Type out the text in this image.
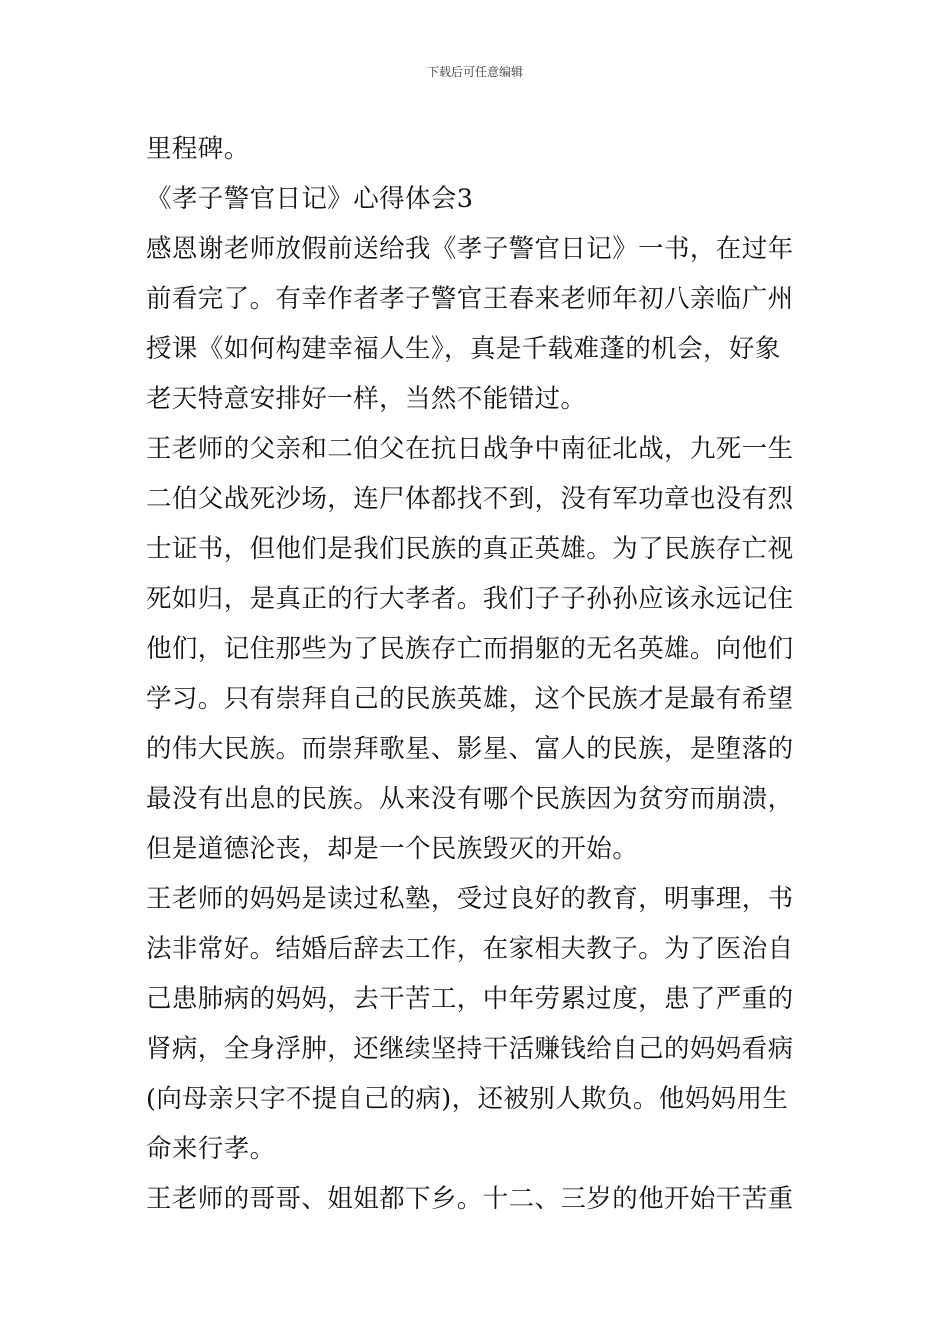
下载后可任意编辑
里程碑。
《孝子警官日记》心得体会3
感恩谢老师放假前送给我《孝子警官日记》一书，在过年
前看完了。有幸作者孝子警官王春来老师年初八亲临广州
授课《如何构建幸福人生》，真是千载难蓬的机会，好象
老天特意安排好一样，当然不能错过。
王老师的父亲和二伯父在抗日战争中南征北战，九死一生
二伯父战死沙场，连尸体都找不到，没有军功章也没有烈
士证书，但他们是我们民族的真正英雄。为了民族存亡视
死如归，是真正的行大孝者。我们子子孙孙应该永远记住
他们，记住那些为了民族存亡而捐躯的无名英雄。向他们
学习。只有崇拜自己的民族英雄，这个民族才是最有希望
的伟大民族。而崇拜歌星、影星、富人的民族，是堕落的
最没有出息的民族。从来没有哪个民族因为贫穷而崩溃，
但是道德沦丧，却是一个民族毁灭的开始。
王老师的妈妈是读过私塾，受过良好的教育，明事理，书
法非常好。结婚后辞去工作，在家相夫教子。为了医治自
己患肺病的妈妈，去干苦工，中年劳累过度，患了严重的
肾病，全身浮肿，还继续坚持干活赚钱给自己的妈妈看病
(向母亲只字不提自己的病)，还被别人欺负。他妈妈用生
命来行孝。
王老师的哥哥、姐姐都下乡。十二、三岁的他开始干苦重
